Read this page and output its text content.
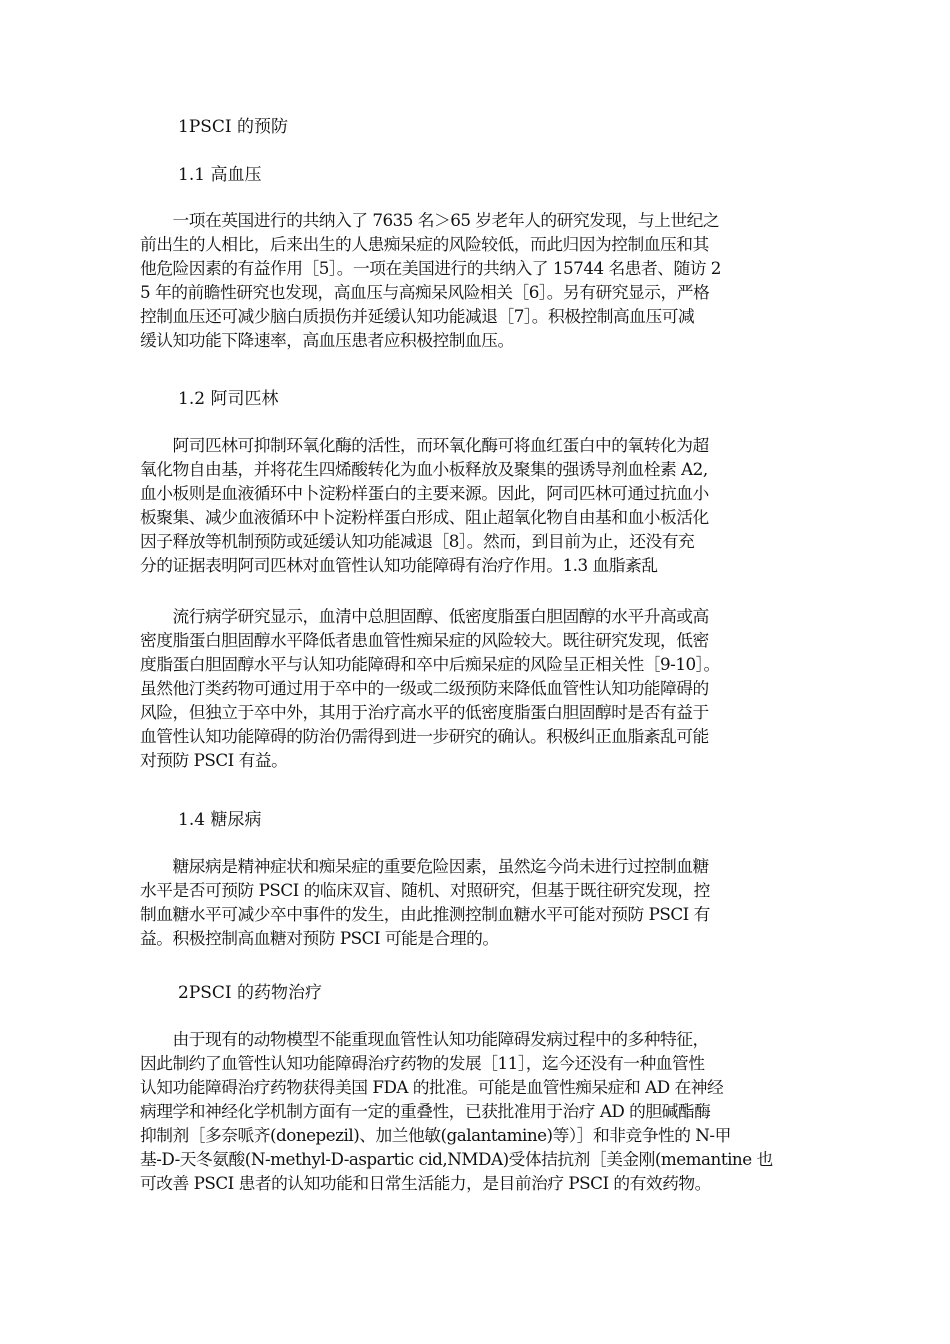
1PSCI 的预防
1.1 高血压
　　一项在英国进行的共纳入了 7635 名＞65 岁老年人的研究发现，与上世纪之
前出生的人相比，后来出生的人患痴呆症的风险较低，而此归因为控制血压和其
他危险因素的有益作用［5］。一项在美国进行的共纳入了 15744 名患者、随访 2
5 年的前瞻性研究也发现，高血压与高痴呆风险相关［6］。另有研究显示，严格
控制血压还可减少脑白质损伤并延缓认知功能减退［7］。积极控制高血压可减
缓认知功能下降速率，高血压患者应积极控制血压。
1.2 阿司匹林
　　阿司匹林可抑制环氧化酶的活性，而环氧化酶可将血红蛋白中的氧转化为超
氧化物自由基，并将花生四烯酸转化为血小板释放及聚集的强诱导剂血栓素 A2,
血小板则是血液循环中卜淀粉样蛋白的主要来源。因此，阿司匹林可通过抗血小
板聚集、减少血液循环中卜淀粉样蛋白形成、阻止超氧化物自由基和血小板活化
因子释放等机制预防或延缓认知功能减退［8］。然而，到目前为止，还没有充
分的证据表明阿司匹林对血管性认知功能障碍有治疗作用。1.3 血脂紊乱
　　流行病学研究显示，血清中总胆固醇、低密度脂蛋白胆固醇的水平升高或高
密度脂蛋白胆固醇水平降低者患血管性痴呆症的风险较大。既往研究发现，低密
度脂蛋白胆固醇水平与认知功能障碍和卒中后痴呆症的风险呈正相关性［9-10］。
虽然他汀类药物可通过用于卒中的一级或二级预防来降低血管性认知功能障碍的
风险，但独立于卒中外，其用于治疗高水平的低密度脂蛋白胆固醇时是否有益于
血管性认知功能障碍的防治仍需得到进一步研究的确认。积极纠正血脂紊乱可能
对预防 PSCI 有益。
1.4 糖尿病
　　糖尿病是精神症状和痴呆症的重要危险因素，虽然迄今尚未进行过控制血糖
水平是否可预防 PSCI 的临床双盲、随机、对照研究，但基于既往研究发现，控
制血糖水平可减少卒中事件的发生，由此推测控制血糖水平可能对预防 PSCI 有
益。积极控制高血糖对预防 PSCI 可能是合理的。
2PSCI 的药物治疗
　　由于现有的动物模型不能重现血管性认知功能障碍发病过程中的多种特征，
因此制约了血管性认知功能障碍治疗药物的发展［11］，迄今还没有一种血管性
认知功能障碍治疗药物获得美国 FDA 的批准。可能是血管性痴呆症和 AD 在神经
病理学和神经化学机制方面有一定的重叠性，已获批准用于治疗 AD 的胆碱酯酶
抑制剂［多奈哌齐(donepezil)、加兰他敏(galantamine)等）］和非竞争性的 N-甲
基-D-天冬氨酸(N-methyl-D-aspartic cid,NMDA)受体拮抗剂［美金刚(memantine 也
可改善 PSCI 患者的认知功能和日常生活能力，是目前治疗 PSCI 的有效药物。
